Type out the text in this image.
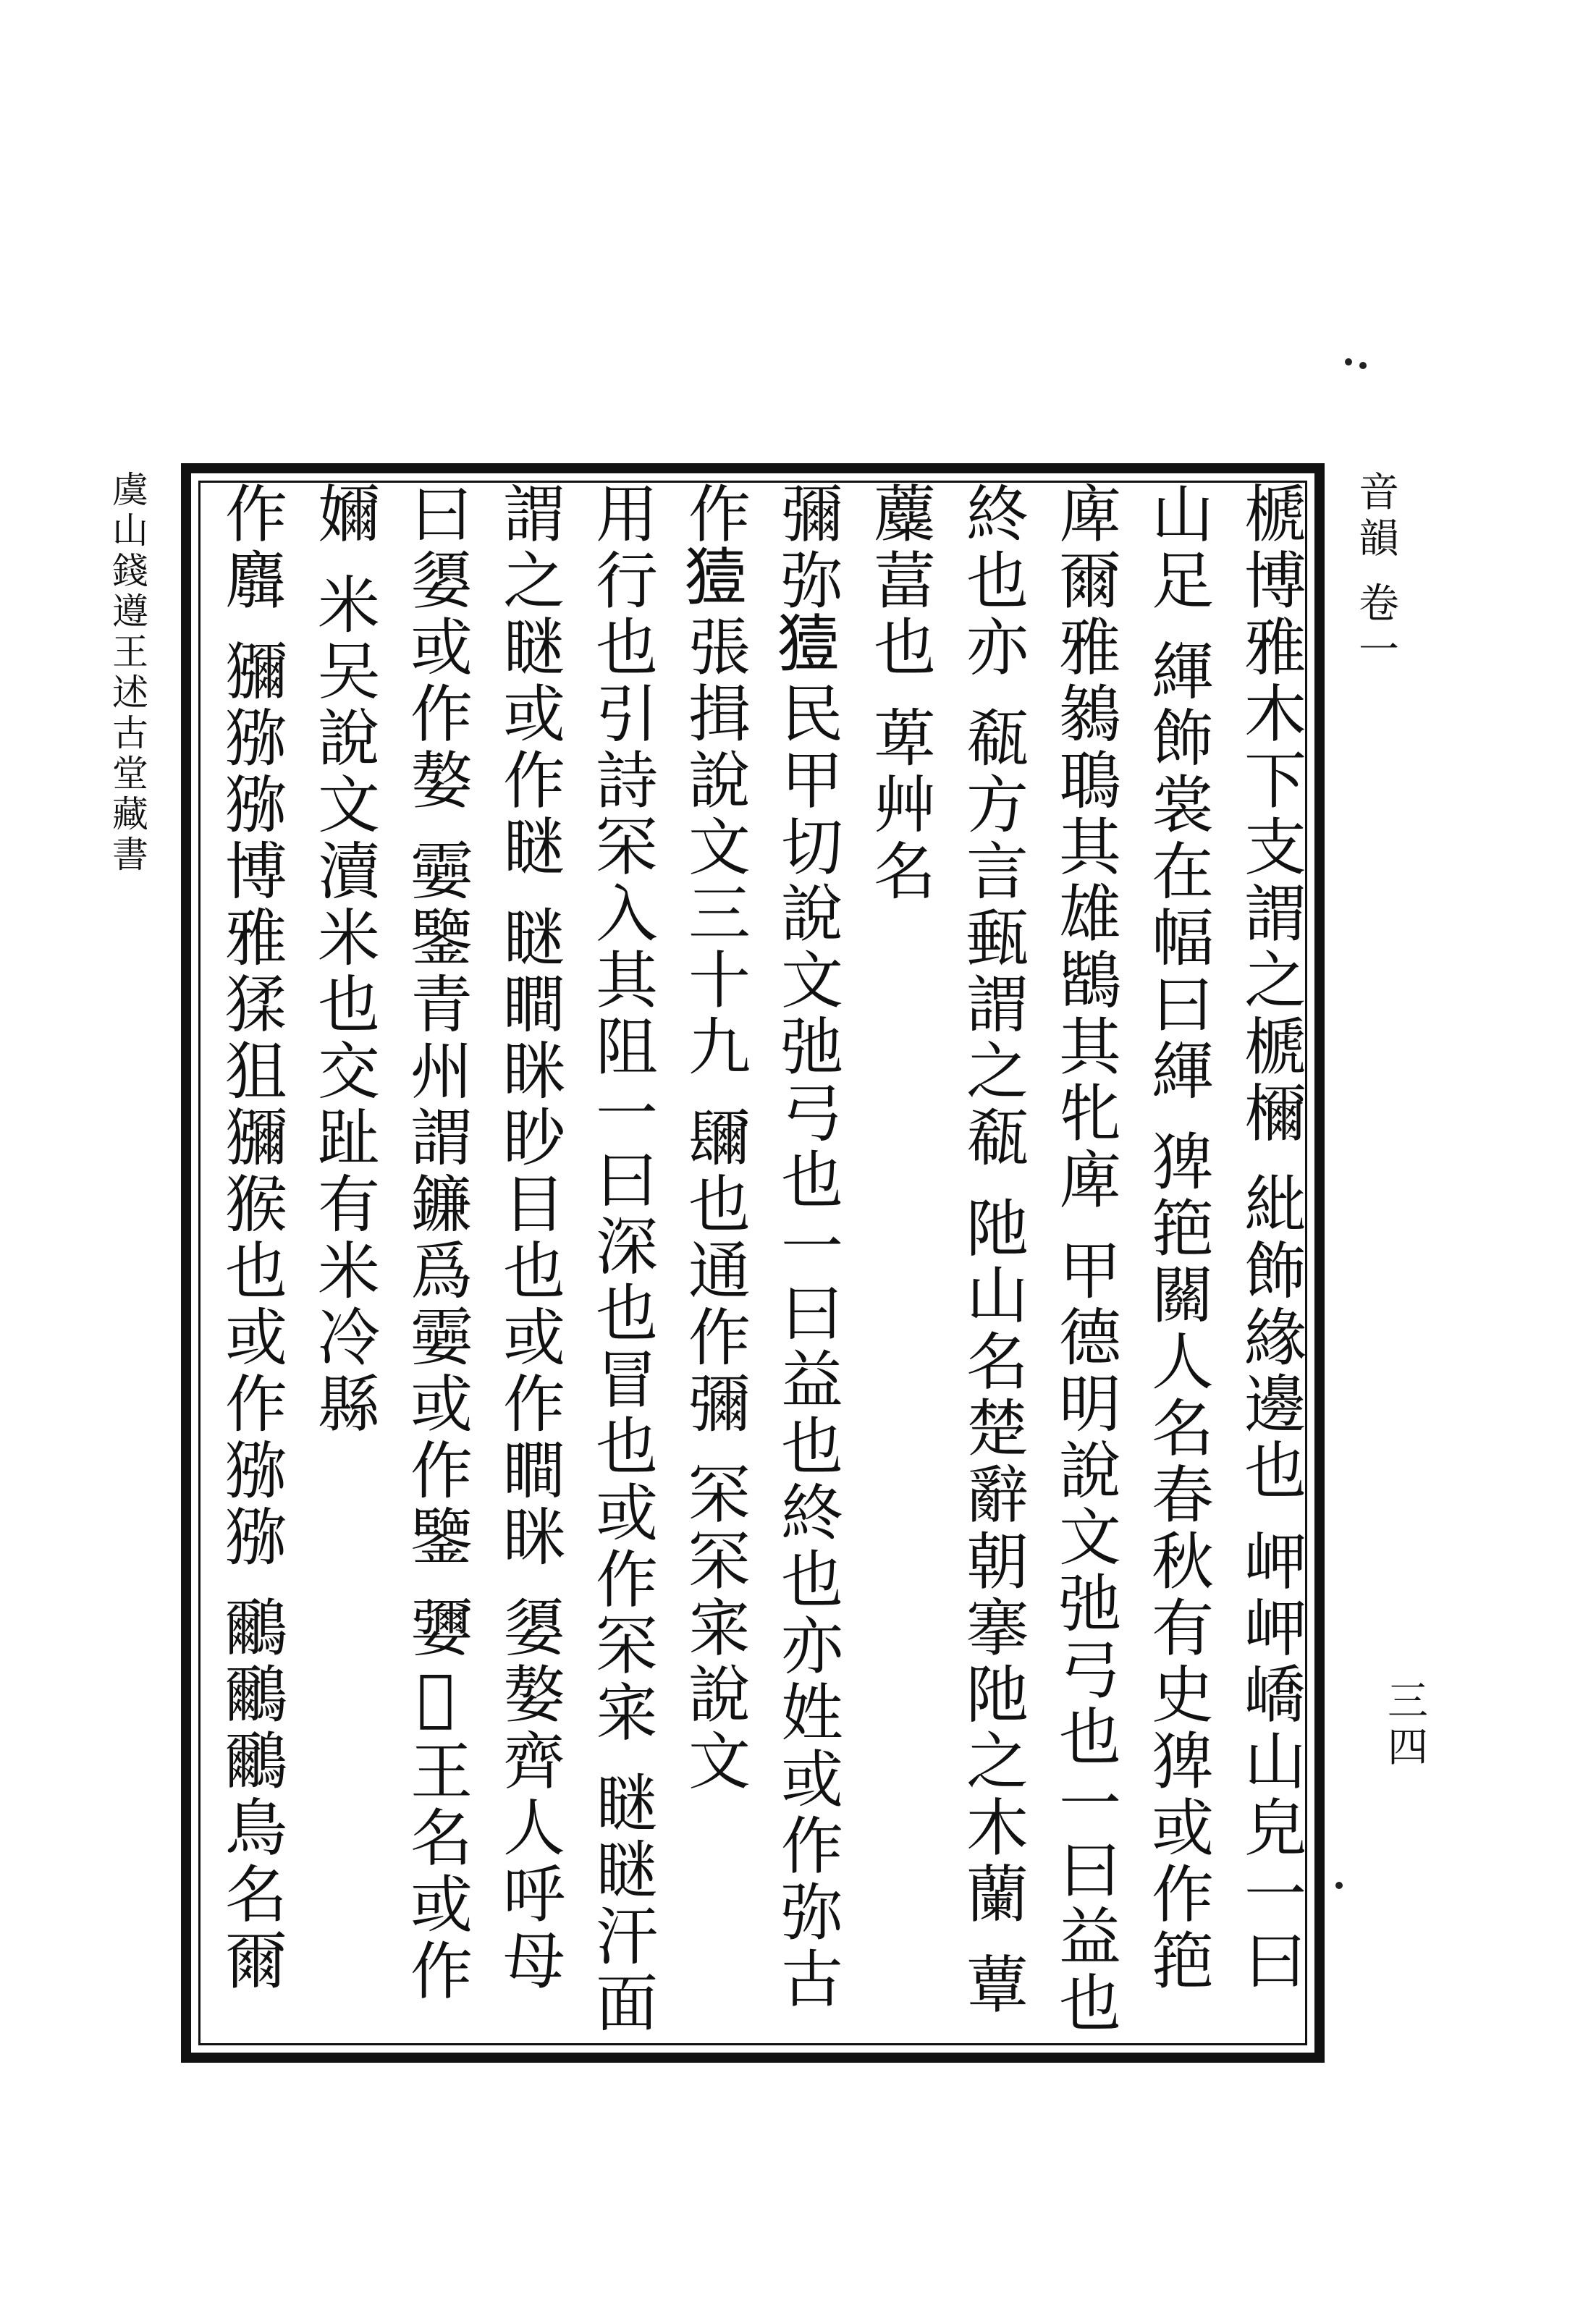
音韻 卷一
榹博雅木下支謂之榹檷 紕飾緣邊也 岬岬嶠山皃一曰山足 緷飾裳在幅曰緷 猈筢關人名春秋有史猈或作筢
庳爾雅鶨鵈其雄鶛其牝庳 甲德明說文弛弓也一曰益也終也亦 瓻方言甀謂之瓻 阤山名楚辭朝搴阤之木蘭 蕈蘪葍也 萆艸名
彌弥𤡬民甲切說文弛弓也一曰益也終也亦姓或作弥古作𤡬張揖說文三十九 镾也通作彌 罙罙宷說文
用行也引詩罙入其阻一曰深也冒也或作罙宷 瞇瞇汗面謂之瞇或作瞇 瞇瞷眯眇目也或作瞷眯 嬃嫯齊人呼母
曰嬃或作嫯 孁鑒青州謂鐮爲孁或作鑒 㜷𡟁王名或作嬭 米㕦說文瀆米也交趾有米冷縣
作麛 獼猕猕博雅猱狙獼猴也或作猕猕 鸍鸍鸍鳥名爾
虞山錢遵王述古堂藏書
三四
